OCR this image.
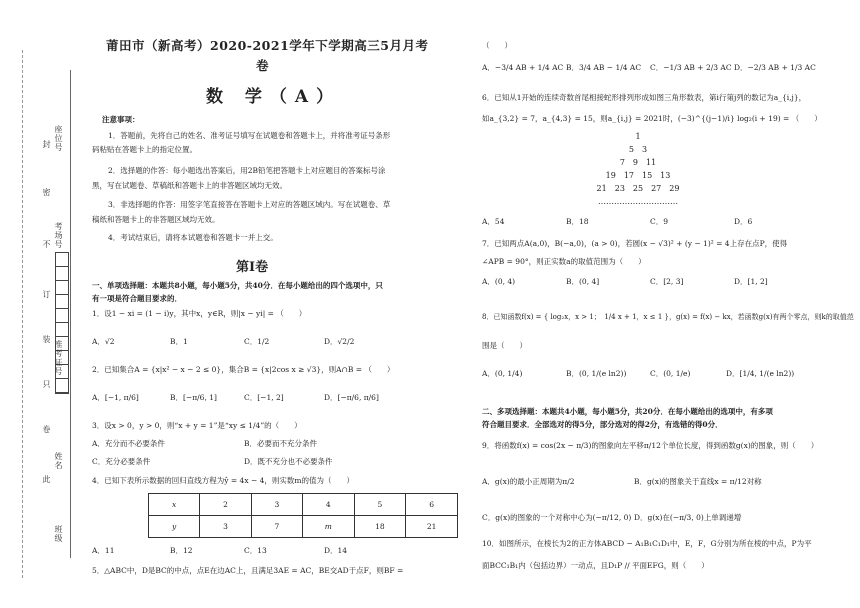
封
密
不
订
装
只
卷
此
座位号
考场号
准考证号
姓名
班级
莆田市（新高考）2020-2021学年下学期高三5月月考
卷
数 学（A）
注意事项：
1．答题前，先将自己的姓名、准考证号填写在试题卷和答题卡上，并将准考证号条形
码粘贴在答题卡上的指定位置。
2．选择题的作答：每小题选出答案后，用2B铅笔把答题卡上对应题目的答案标号涂
黑，写在试题卷、草稿纸和答题卡上的非答题区域均无效。
3．非选择题的作答：用签字笔直接答在答题卡上对应的答题区域内。写在试题卷、草
稿纸和答题卡上的非答题区域均无效。
4．考试结束后，请将本试题卷和答题卡一并上交。
第Ⅰ卷
一、单项选择题：本题共8小题，每小题5分，共40分．在每小题给出的四个选项中，只
有一项是符合题目要求的．
1．设1 − xi = (1 − i)y，其中x，y∈R，则|x − yi| = （　　）
A．√2	B．1	C．1/2	D．√2/2
2．已知集合A = {x|x² − x − 2 ≤ 0}，集合B = {x|2cos x ≥ √3}，则A∩B = （　　）
A．[−1, π/6]	B．[−π/6, 1]	C．[−1, 2]	D．[−π/6, π/6]
3．设x > 0，y > 0，则“x + y = 1”是“xy ≤ 1/4”的（　　）
A．充分而不必要条件	B．必要而不充分条件
C．充分必要条件	D．既不充分也不必要条件
4．已知下表所示数据的回归直线方程为ŷ = 4x − 4，则实数m的值为（　　）
x	2	3	4	5	6
y	3	7	m	18	21
A．11	B．12	C．13	D．14
5．△ABC中，D是BC的中点，点E在边AC上，且满足3AE = AC，BE交AD于点F，则BF =
（　　）
A．−3/4 AB + 1/4 AC B．3/4 AB − 1/4 AC C．−1/3 AB + 2/3 AC D．−2/3 AB + 1/3 AC
6．已知从1开始的连续奇数首尾相接蛇形排列形成如图三角形数表，第i行第j列的数记为a_{i,j}，
如a_{3,2} = 7，a_{4,3} = 15，则a_{i,j} = 2021时，(−3)^{(j−1)/i} log₂(i + 19) = （　　）
1
5　3
7　9　11
19　17　15　13
21　23　25　27　29
…………………………
A．54	B．18	C．9	D．6
7．已知两点A(a,0)，B(−a,0)，(a > 0)，若圆(x − √3)² + (y − 1)² = 4上存在点P，使得
∠APB = 90°，则正实数a的取值范围为（　　）
A．(0, 4)	B．(0, 4]	C．[2, 3]	D．[1, 2]
8．已知函数f(x) = { log₂x，x > 1；　1/4 x + 1，x ≤ 1 }，g(x) = f(x) − kx，若函数g(x)有两个零点，则k的取值范
围是（　　）
A．(0, 1/4)	B．(0, 1/(e ln2))	C．(0, 1/e)	D．[1/4, 1/(e ln2))
二、多项选择题：本题共4小题，每小题5分，共20分．在每小题给出的选项中，有多项
符合题目要求．全部选对的得5分，部分选对的得2分，有选错的得0分．
9．将函数f(x) = cos(2x − π/3)的图象向左平移π/12个单位长度，得到函数g(x)的图象，则（　　）
A．g(x)的最小正周期为π/2	B．g(x)的图象关于直线x = π/12对称
C．g(x)的图象的一个对称中心为(−π/12, 0) D．g(x)在(−π/3, 0)上单调递增
10．如图所示，在棱长为2的正方体ABCD − A₁B₁C₁D₁中，E，F，G分别为所在棱的中点，P为平
面BCC₁B₁内（包括边界）一动点，且D₁P // 平面EFG，则（　　）
